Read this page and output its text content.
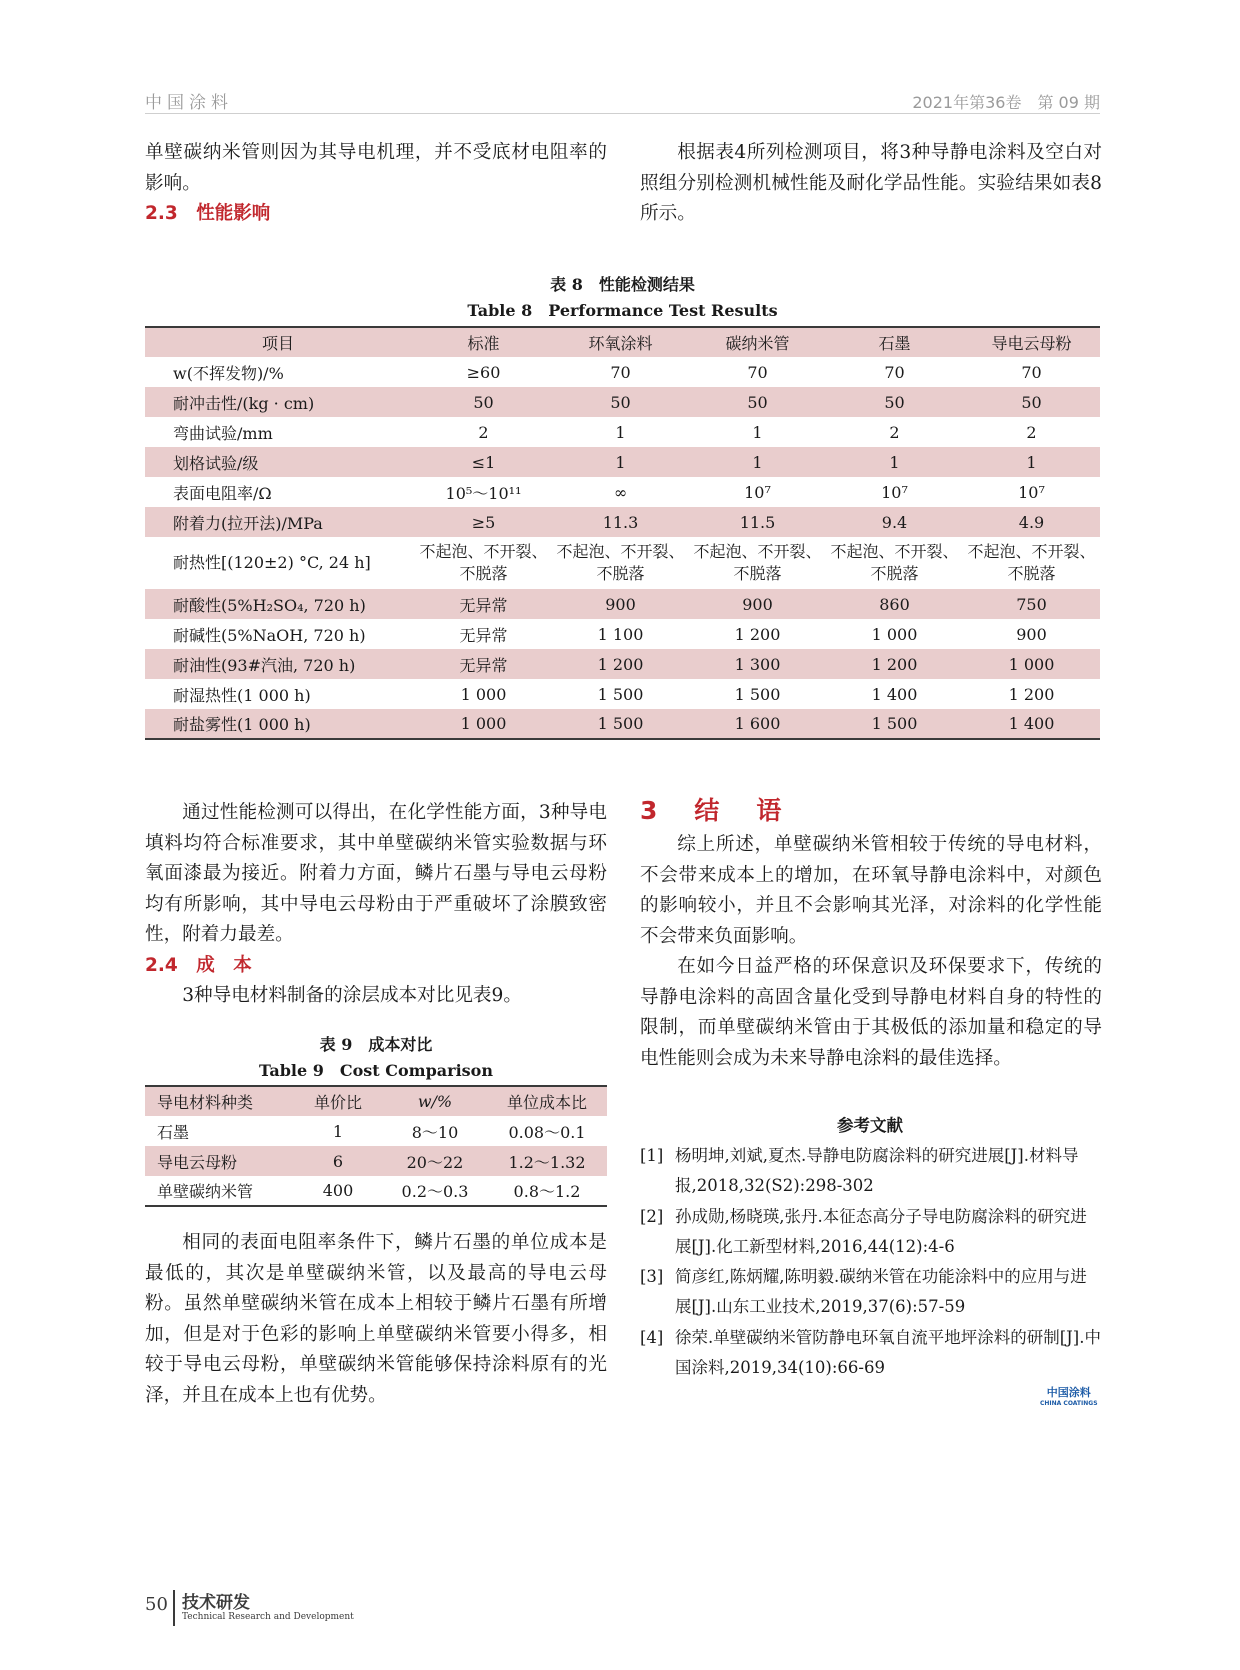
中国涂料	2021年第36卷　第 09 期

单壁碳纳米管则因为其导电机理，并不受底材电阻率的影响。

2.3　性能影响

根据表4所列检测项目，将3种导静电涂料及空白对照组分别检测机械性能及耐化学品性能。实验结果如表8所示。

表 8　性能检测结果
Table 8　Performance Test Results
项目	标准	环氧涂料	碳纳米管	石墨	导电云母粉
w(不挥发物)/%	≥60	70	70	70	70
耐冲击性/(kg · cm)	50	50	50	50	50
弯曲试验/mm	2	1	1	2	2
划格试验/级	≤1	1	1	1	1
表面电阻率/Ω	10⁵～10¹¹	∞	10⁷	10⁷	10⁷
附着力(拉开法)/MPa	≥5	11.3	11.5	9.4	4.9
耐热性[(120±2) °C, 24 h]	不起泡、不开裂、不脱落	不起泡、不开裂、不脱落	不起泡、不开裂、不脱落	不起泡、不开裂、不脱落	不起泡、不开裂、不脱落
耐酸性(5%H₂SO₄, 720 h)	无异常	900	900	860	750
耐碱性(5%NaOH, 720 h)	无异常	1 100	1 200	1 000	900
耐油性(93#汽油, 720 h)	无异常	1 200	1 300	1 200	1 000
耐湿热性(1 000 h)	1 000	1 500	1 500	1 400	1 200
耐盐雾性(1 000 h)	1 000	1 500	1 600	1 500	1 400

通过性能检测可以得出，在化学性能方面，3种导电填料均符合标准要求，其中单壁碳纳米管实验数据与环氧面漆最为接近。附着力方面，鳞片石墨与导电云母粉均有所影响，其中导电云母粉由于严重破坏了涂膜致密性，附着力最差。

2.4　成　本

3种导电材料制备的涂层成本对比见表9。

表 9　成本对比
Table 9　Cost Comparison
导电材料种类	单价比	w/%	单位成本比
石墨	1	8～10	0.08～0.1
导电云母粉	6	20～22	1.2～1.32
单壁碳纳米管	400	0.2～0.3	0.8～1.2

相同的表面电阻率条件下，鳞片石墨的单位成本是最低的，其次是单壁碳纳米管，以及最高的导电云母粉。虽然单壁碳纳米管在成本上相较于鳞片石墨有所增加，但是对于色彩的影响上单壁碳纳米管要小得多，相较于导电云母粉，单壁碳纳米管能够保持涂料原有的光泽，并且在成本上也有优势。

3　结　语

综上所述，单壁碳纳米管相较于传统的导电材料，不会带来成本上的增加，在环氧导静电涂料中，对颜色的影响较小，并且不会影响其光泽，对涂料的化学性能不会带来负面影响。

在如今日益严格的环保意识及环保要求下，传统的导静电涂料的高固含量化受到导静电材料自身的特性的限制，而单壁碳纳米管由于其极低的添加量和稳定的导电性能则会成为未来导静电涂料的最佳选择。

参考文献
[1] 杨明坤,刘斌,夏杰.导静电防腐涂料的研究进展[J].材料导报,2018,32(S2):298-302
[2] 孙成勋,杨晓瑛,张丹.本征态高分子导电防腐涂料的研究进展[J].化工新型材料,2016,44(12):4-6
[3] 简彦红,陈炳耀,陈明毅.碳纳米管在功能涂料中的应用与进展[J].山东工业技术,2019,37(6):57-59
[4] 徐荣.单壁碳纳米管防静电环氧自流平地坪涂料的研制[J].中国涂料,2019,34(10):66-69
中国涂料
CHINA COATINGS
50 技术研发
Technical Research and Development
